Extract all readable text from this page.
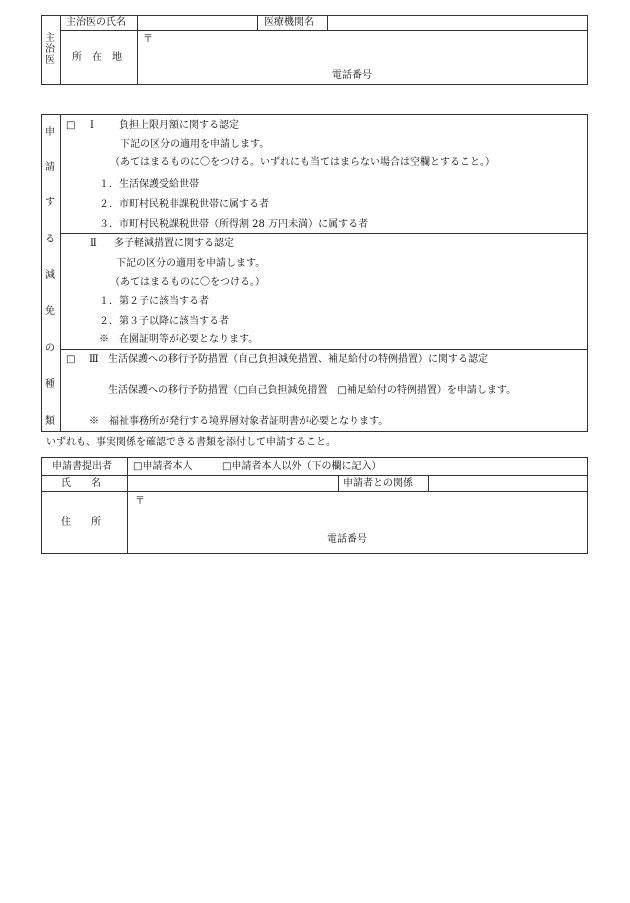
主
治
医
主治医の氏名	医療機関名
所　在　地
〒
電話番号
申
請
す
る
減
免
の
種
類
□ Ⅰ	負担上限月額に関する認定
下記の区分の適用を申請します。
（あてはまるものに〇をつける。いずれにも当てはまらない場合は空欄とすること。）
１．生活保護受給世帯
２．市町村民税非課税世帯に属する者
３．市町村民税課税世帯（所得割 28 万円未満）に属する者
Ⅱ 多子軽減措置に関する認定
下記の区分の適用を申請します。
（あてはまるものに〇をつける。）
１．第２子に該当する者
２．第３子以降に該当する者
※　在園証明等が必要となります。
□ Ⅲ 生活保護への移行予防措置（自己負担減免措置、補足給付の特例措置）に関する認定
生活保護への移行予防措置（□自己負担減免措置　□補足給付の特例措置）を申請します。
※　福祉事務所が発行する境界層対象者証明書が必要となります。
いずれも、事実関係を確認できる書類を添付して申請すること。
申請書提出者 □申請者本人	□申請者本人以外（下の欄に記入）
氏　　名	申請者との関係
住　　所
〒
電話番号
